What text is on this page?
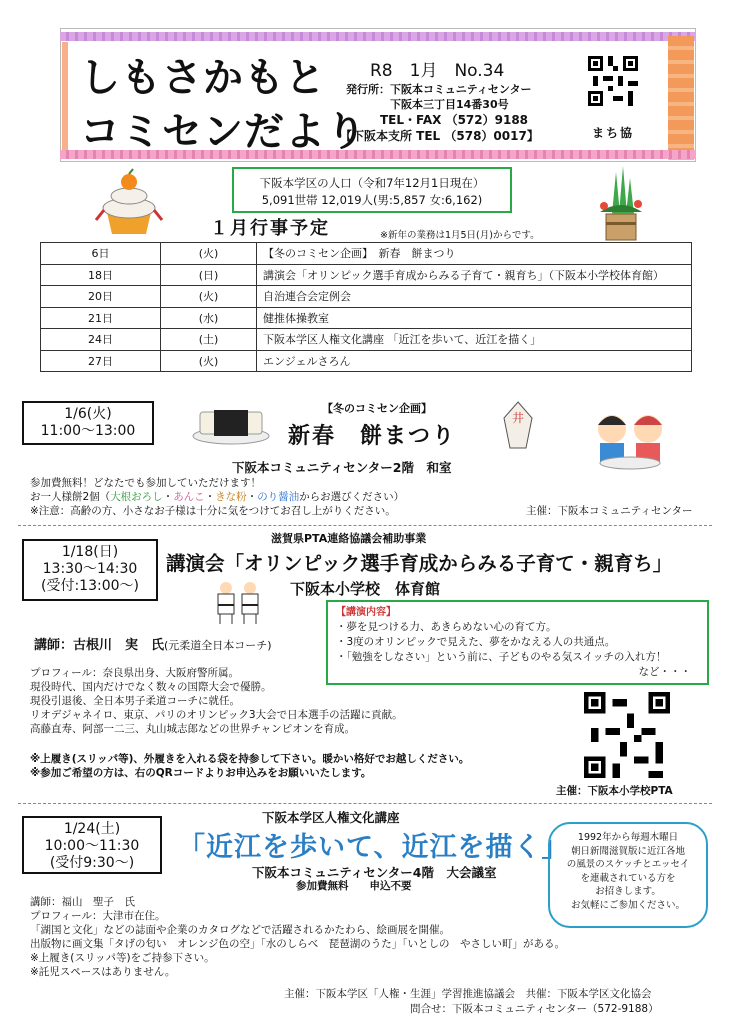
しもさかもと
コミセンだより
R8　1月　No.34
発行所：下阪本コミュニティセンター
下阪本三丁目14番30号
TEL・FAX （572）9188
【下阪本支所 TEL （578）0017】	まち協
下阪本学区の人口（令和7年12月1日現在）
5,091世帯 12,019人(男:5,857 女:6,162)
１月行事予定	※新年の業務は1月5日(月)からです。
6日	(火)	【冬のコミセン企画】　新春　餅まつり
18日	(日)	講演会「オリンピック選手育成からみる子育て・親育ち」（下阪本小学校体育館）
20日	(火)	自治連合会定例会
21日	(水)	健推体操教室
24日	(土)	下阪本学区人権文化講座 「近江を歩いて、近江を描く」
27日	(火)	エンジェルさろん
1/6(火)
11:00～13:00
【冬のコミセン企画】
新春　餅まつり
井
下阪本コミュニティセンター2階　和室
参加費無料！どなたでも参加していただけます！
お一人様餅2個（大根おろし・あんこ・きな粉・のり醤油からお選びください）
※注意：高齢の方、小さなお子様は十分に気をつけてお召し上がりください。	主催：下阪本コミュニティセンター
滋賀県PTA連絡協議会補助事業
1/18(日)
13:30～14:30
(受付:13:00～)
講演会「オリンピック選手育成からみる子育て・親育ち」
下阪本小学校　体育館
【講演内容】
・夢を見つける力、あきらめない心の育て方。
・3度のオリンピックで見えた、夢をかなえる人の共通点。
・「勉強をしなさい」という前に、子どものやる気スイッチの入れ方！
など・・・
講師：古根川　実　氏(元柔道全日本コーチ)
プロフィール：奈良県出身、大阪府警所属。
現役時代、国内だけでなく数々の国際大会で優勝。
現役引退後、全日本男子柔道コーチに就任。
リオデジャネイロ、東京、パリのオリンピック3大会で日本選手の活躍に貢献。
高藤直寿、阿部一二三、丸山城志郎などの世界チャンピオンを育成。
※上履き(スリッパ等)、外履きを入れる袋を持参して下さい。暖かい格好でお越しください。
※参加ご希望の方は、右のQRコードよりお申込みをお願いいたします。
主催：下阪本小学校PTA
下阪本学区人権文化講座
1/24(土)
10:00～11:30
(受付9:30～)	「近江を歩いて、近江を描く」
下阪本コミュニティセンター4階　大会議室
参加費無料　　申込不要
1992年から毎週木曜日
朝日新聞滋賀版に近江各地
の風景のスケッチとエッセイ
を連載されている方を
お招きします。
お気軽にご参加ください。
講師：福山　聖子　氏
プロフィール：大津市在住。
「湖国と文化」などの誌面や企業のカタログなどで活躍されるかたわら、絵画展を開催。
出版物に画文集「タげの匂い　オレンジ色の空」「水のしらべ　琵琶湖のうた」「いとしの　やさしい町」がある。
※上履き(スリッパ等)をご持参下さい。
※託児スペースはありません。
主催：下阪本学区「人権・生涯」学習推進協議会　共催：下阪本学区文化協会
問合せ：下阪本コミュニティセンター（572-9188）
